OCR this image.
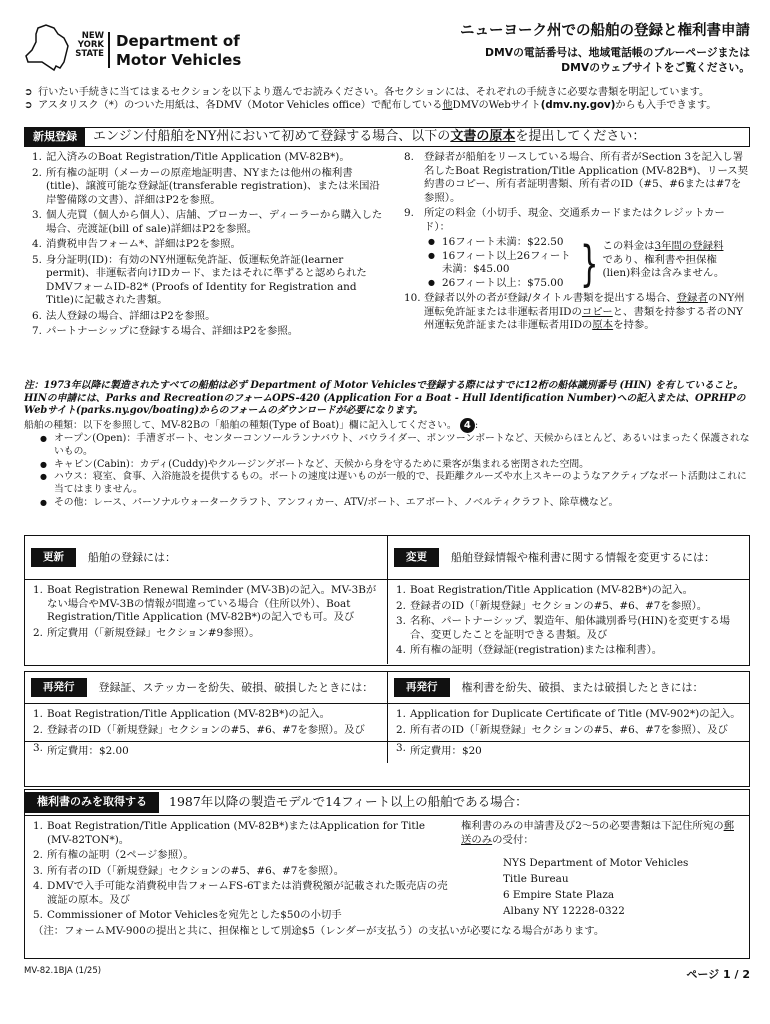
NEW
YORK
STATE
Department of
Motor Vehicles
ニューヨーク州での船舶の登録と権利書申請
DMVの電話番号は、地域電話帳のブルーページまたは
DMVのウェブサイトをご覧ください。

➲ 行いたい手続きに当てはまるセクションを以下より選んでお読みください。各セクションには、それぞれの手続きに必要な書類を明記しています。

➲ アスタリスク（*）のついた用紙は、各DMV（Motor Vehicles office）で配布している他DMVのWebサイト(dmv.ny.gov)からも入手できます。

新規登録	エンジン付船舶をNY州において初めて登録する場合、以下の文書の原本を提出してください：
1. 記入済みのBoat Registration/Title Application (MV-82B*)。
2. 所有権の証明（メーカーの原産地証明書、NYまたは他州の権利書(title)、譲渡可能な登録証(transferable registration)、または米国沿岸警備隊の文書）、詳細はP2を参照。
3. 個人売買（個人から個人）、店舗、ブローカー、ディーラーから購入した場合、売渡証(bill of sale)詳細はP2を参照。
4. 消費税申告フォーム*、詳細はP2を参照。
5. 身分証明(ID)：有効のNY州運転免許証、仮運転免許証(learner permit)、非運転者向けIDカード、またはそれに準ずると認められたDMVフォームID-82* (Proofs of Identity for Registration and Title)に記載された書類。
6. 法人登録の場合、詳細はP2を参照。
7. パートナーシップに登録する場合、詳細はP2を参照。
8. 登録者が船舶をリースしている場合、所有者がSection 3を記入し署名したBoat Registration/Title Application (MV-82B*)、リース契約書のコピー、所有者証明書類、所有者のID（#5、#6または#7を参照）。
9. 所定の料金（小切手、現金、交通系カードまたはクレジットカード）：
● 16フィート未満：$22.50
● 16フィート以上26フィート未満：$45.00
● 26フィート以上：$75.00 } この料金は3年間の登録料であり、権利書や担保権(lien)料金は含みません。
10. 登録者以外の者が登録/タイトル書類を提出する場合、登録者のNY州運転免許証または非運転者用IDのコピーと、書類を持参する者のNY州運転免許証または非運転者用IDの原本を持参。

注：1973年以降に製造されたすべての船舶は必ず Department of Motor Vehiclesで登録する際にはすでに12桁の船体識別番号 (HIN) を有していること。HINの申請には、Parks and RecreationのフォームOPS-420 (Application For a Boat - Hull Identification Number)への記入または、OPRHPのWebサイト(parks.ny.gov/boating)からのフォームのダウンロードが必要になります。

船舶の種類：以下を参照して、MV-82Bの「船舶の種類(Type of Boat)」欄に記入してください。 4 :

● オープン(Open)：手漕ぎボート、センターコンソールランナバウト、バウライダー、ポンツーンボートなど、天候からほとんど、あるいはまったく保護されないもの。
● キャビン(Cabin)：カディ(Cuddy)やクルージングボートなど、天候から身を守るために乗客が集まれる密閉された空間。
● ハウス：寝室、食事、入浴施設を提供するもの。ボートの速度は遅いものが一般的で、長距離クルーズや水上スキーのようなアクティブなボート活動はこれに当てはまりません。
● その他：レース、パーソナルウォータークラフト、アンフィカー、ATV/ボート、エアボート、ノベルティクラフト、除草機など。
更新	船舶の登録には：
1. Boat Registration Renewal Reminder (MV-3B)の記入。MV-3Bがない場合やMV-3Bの情報が間違っている場合（住所以外）、Boat Registration/Title Application (MV-82B*)の記入でも可。及び
2. 所定費用（「新規登録」セクション#9参照）。
変更	船舶登録情報や権利書に関する情報を変更するには：
1. Boat Registration/Title Application (MV-82B*)の記入。
2. 登録者のID（「新規登録」セクションの#5、#6、#7を参照）。
3. 名称、パートナーシップ、製造年、船体識別番号(HIN)を変更する場合、変更したことを証明できる書類。及び
4. 所有権の証明（登録証(registration)または権利書）。
再発行	登録証、ステッカーを紛失、破損、破損したときには：
1. Boat Registration/Title Application (MV-82B*)の記入。
2. 登録者のID（「新規登録」セクションの#5、#6、#7を参照）。及び
3. 所定費用：$2.00
再発行	権利書を紛失、破損、または破損したときには：
1. Application for Duplicate Certificate of Title (MV-902*)の記入。
2. 所有者のID（「新規登録」セクションの#5、#6、#7を参照）、及び
3. 所定費用：$20
権利書のみを取得する	1987年以降の製造モデルで14フィート以上の船舶である場合：
1. Boat Registration/Title Application (MV-82B*)またはApplication for Title (MV-82TON*)。
2. 所有権の証明（2ページ参照）。
3. 所有者のID（「新規登録」セクションの#5、#6、#7を参照）。
4. DMVで入手可能な消費税申告フォームFS-6Tまたは消費税額が記載された販売店の売渡証の原本。及び
5. Commissioner of Motor Vehiclesを宛先とした$50の小切手

権利書のみの申請書及び2〜5の必要書類は下記住所宛の郵送のみの受付：

NYS Department of Motor Vehicles
Title Bureau
6 Empire State Plaza
Albany NY 12228-0322

（注：フォームMV-900の提出と共に、担保権として別途$5（レンダーが支払う）の支払いが必要になる場合があります。

MV-82.1BJA (1/25)	ページ 1 / 2
